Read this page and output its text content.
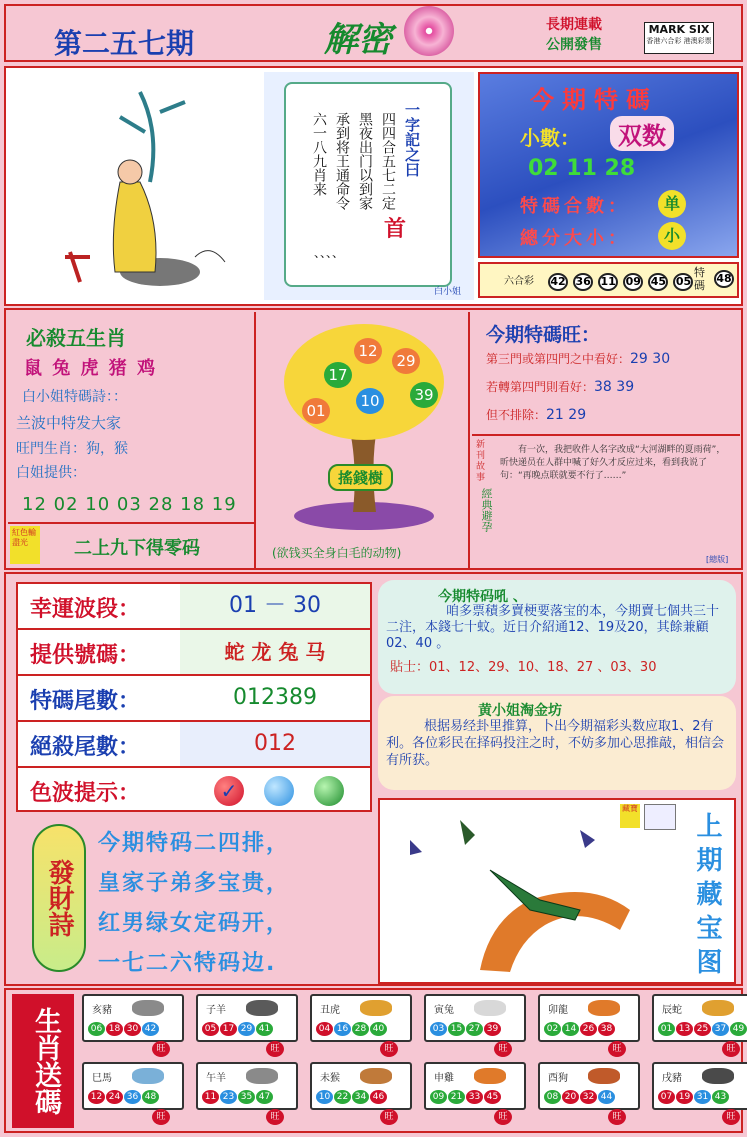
第二五七期	解密	長期連載
公開發售
MARK SIX
香港六合彩 港澳彩票
四四合五七二定
黑夜出门以到家
承到将王通命令
六一八九肖来	一字記之曰
首
、、、、
白小姐
今期特碼
小數：	双数
02 11 28
特碼合數：	单
總分大小：	小
六合彩 42 36 11 09 45 05
特碼
48
必殺五生肖
鼠 兔 虎 猪 鸡
白小姐特碼詩：：
兰波中特发大家
旺門生肖：狗，猴
白姐提供：
12 02 10 03 28 18 19
紅色輸盡光	二上九下得零码
12
29
17
10 39
01
搖錢樹
(欲钱买全身白毛的动物)
今期特碼旺：
第三門或第四門之中看好：29 30
若轉第四門則看好：38 39
但不排除：21 29
新刊故事
經典避孕
有一次，我把收件人名字改成“大河湖畔的夏雨荷”，昕快递员在人群中喊了好久才反应过来，看到我说了句：“再晚点联就要不行了……”
[總版]
幸運波段：	01 － 30
提供號碼：	蛇 龙 兔 马
特碼尾數：	012389
絕殺尾數：	012
色波提示：	✓
今期特码吼 、
咱多票積多賣梗要落宝的本，今期賣七個共三十二注，本錢七十蚊。近日介紹通12、19及20，其餘兼顧02、40 。
貼士：01、12、29、10、18、27 、03、30
黄小姐淘金坊
根据易经卦里推算，卜出今期福彩头数应取1、2有利。各位彩民在择码投注之时，不妨多加心思推敲，相信会有所获。
發財詩
今期特码二四排，
皇家子弟多宝贵，
红男绿女定码开，
一七二六特码边.
藏寶
上期藏宝图
生肖送碼	亥豬
06 18 30 42
旺
子羊
05 17 29 41
旺
丑虎
04 16 28 40
旺
寅兔
03 15 27 39
旺
卯龍
02 14 26 38
旺
辰蛇
01 13 25 37 49
旺
巳馬
12 24 36 48
旺
午羊
11 23 35 47
旺
未猴
10 22 34 46
旺
申雞
09 21 33 45
旺
酉狗
08 20 32 44
旺
戌豬
07 19 31 43
旺
